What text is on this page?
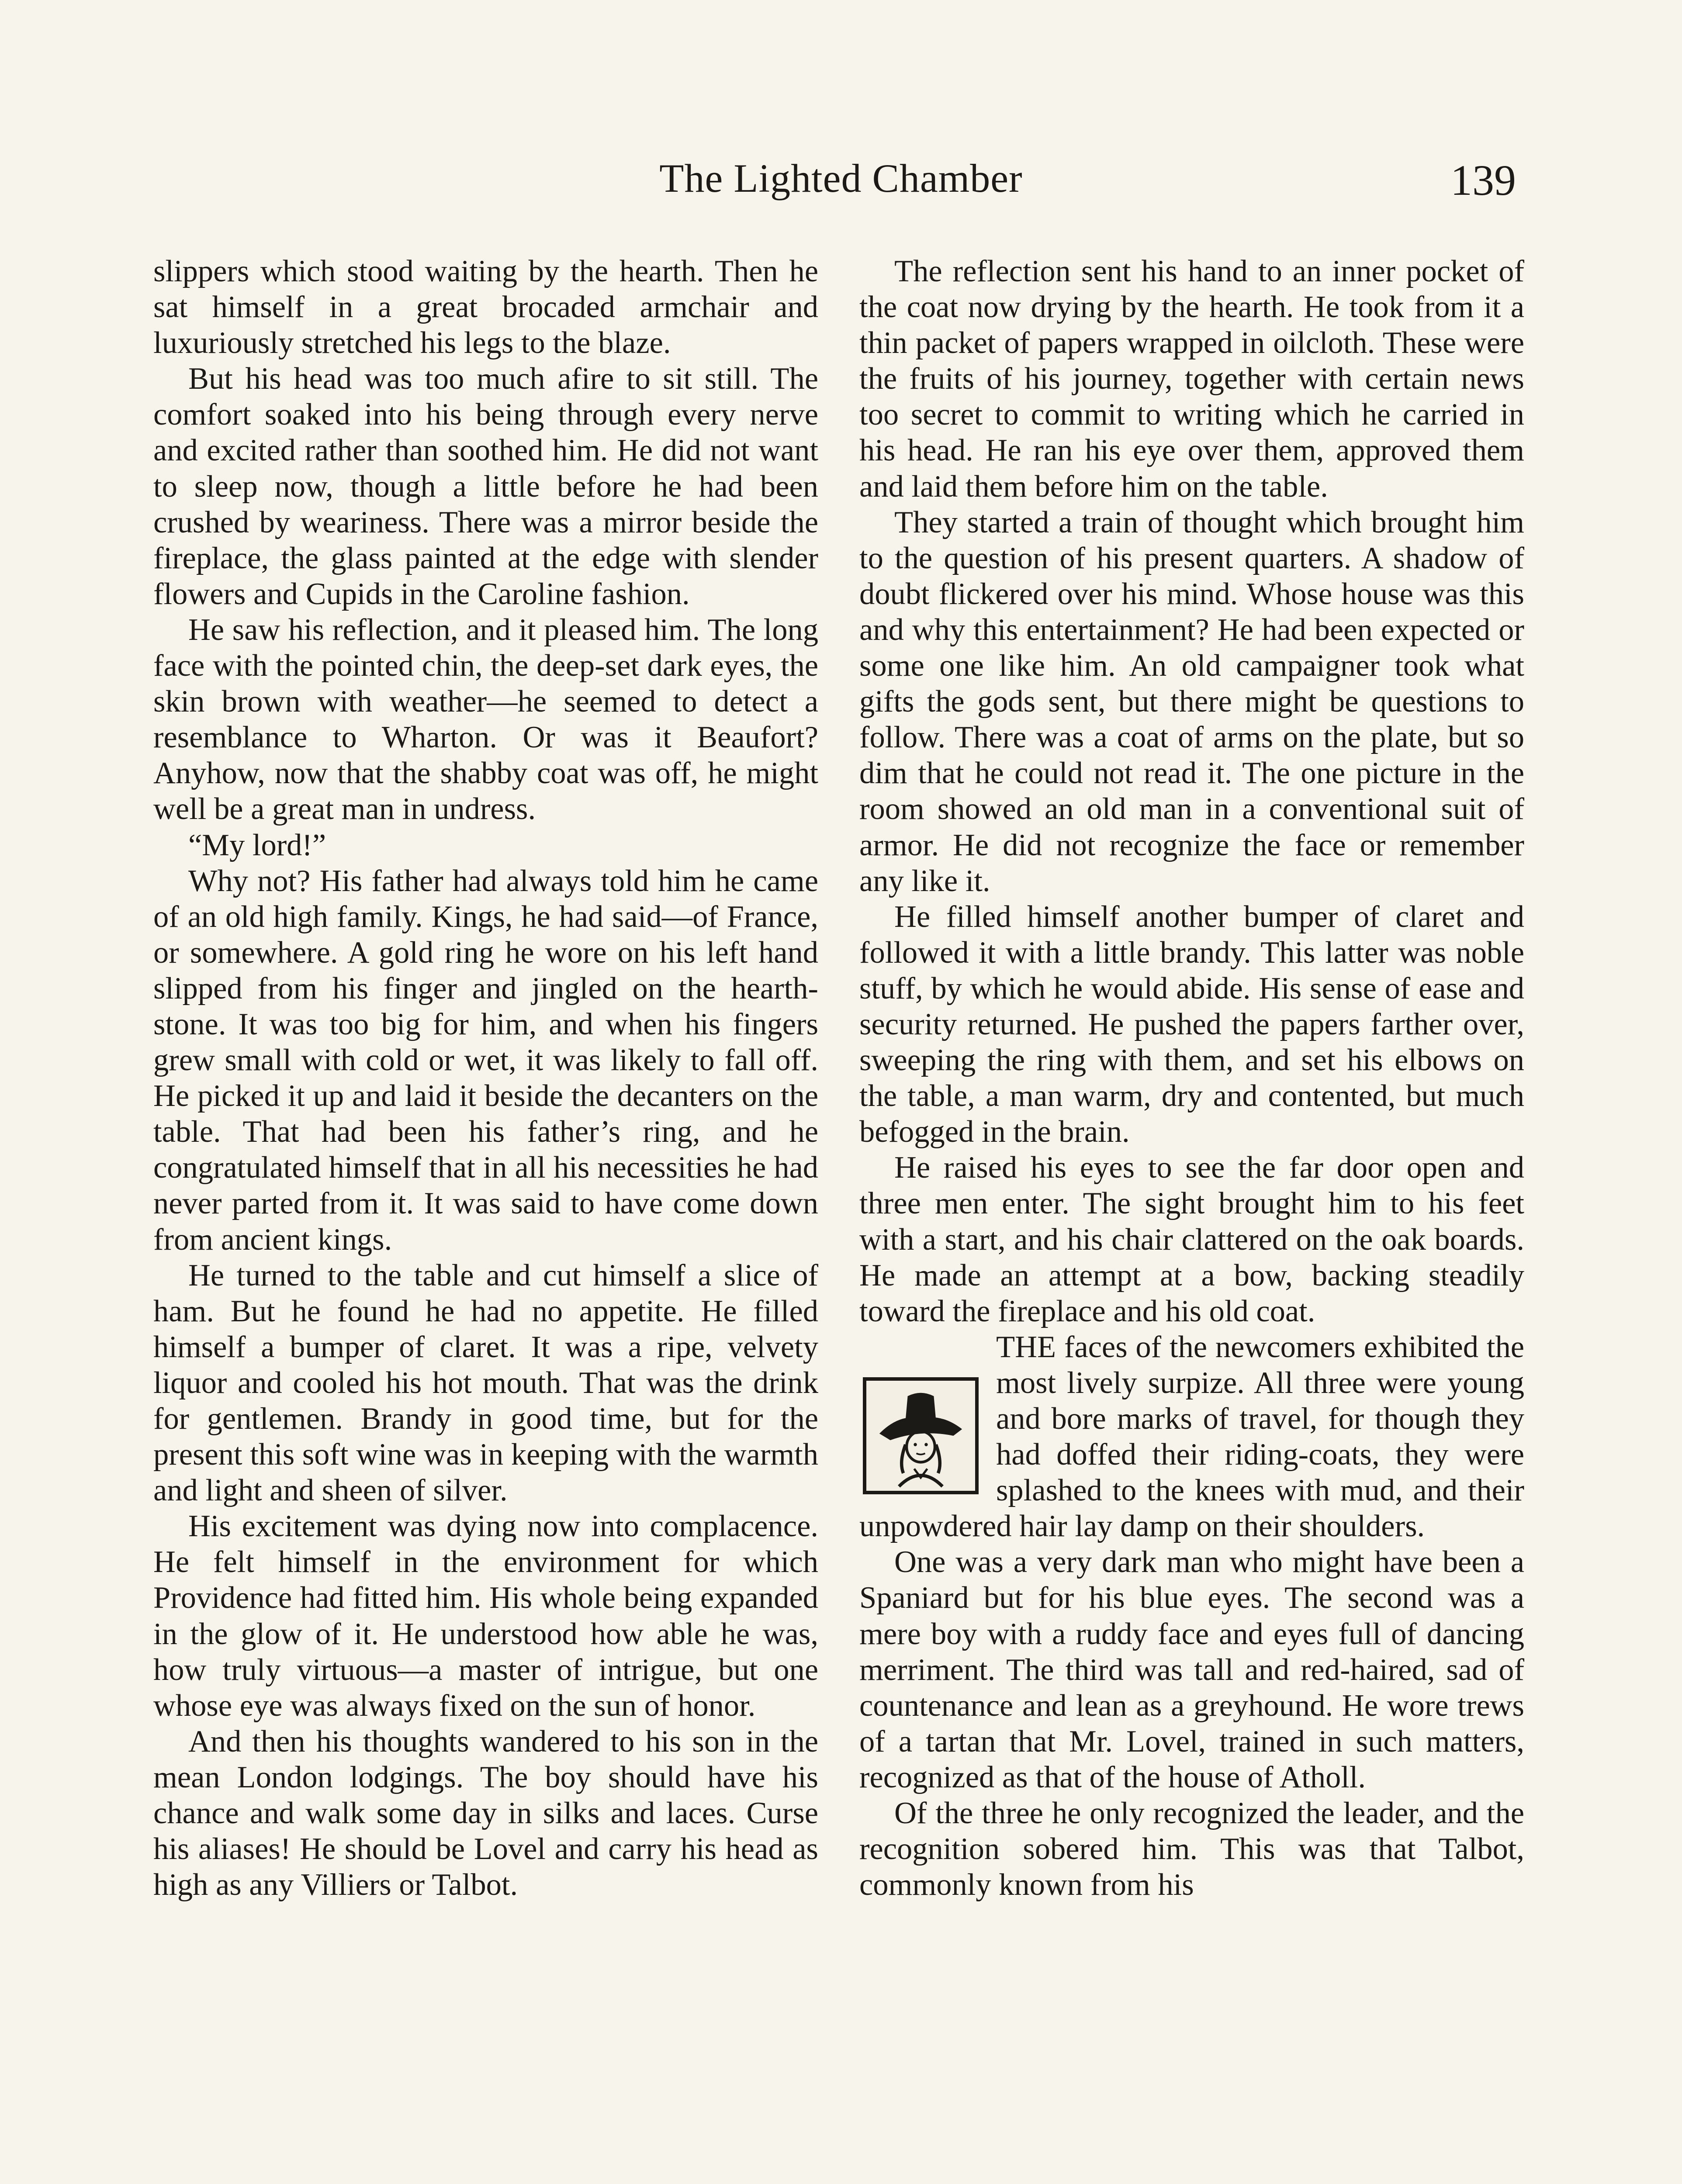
The Lighted Chamber	139

slippers which stood waiting by the hearth. Then he sat himself in a great brocaded armchair and luxuriously stretched his legs to the blaze.

But his head was too much afire to sit still. The comfort soaked into his being through every nerve and excited rather than soothed him. He did not want to sleep now, though a little before he had been crushed by weariness. There was a mirror beside the fireplace, the glass painted at the edge with slender flowers and Cupids in the Caroline fashion.

He saw his reflection, and it pleased him. The long face with the pointed chin, the deep-set dark eyes, the skin brown with weather—he seemed to detect a resemblance to Wharton. Or was it Beaufort? Anyhow, now that the shabby coat was off, he might well be a great man in undress.

“My lord!”

Why not? His father had always told him he came of an old high family. Kings, he had said—of France, or somewhere. A gold ring he wore on his left hand slipped from his finger and jingled on the hearthstone. It was too big for him, and when his fingers grew small with cold or wet, it was likely to fall off. He picked it up and laid it beside the decanters on the table. That had been his father’s ring, and he congratulated himself that in all his necessities he had never parted from it. It was said to have come down from ancient kings.

He turned to the table and cut himself a slice of ham. But he found he had no appetite. He filled himself a bumper of claret. It was a ripe, velvety liquor and cooled his hot mouth. That was the drink for gentlemen. Brandy in good time, but for the present this soft wine was in keeping with the warmth and light and sheen of silver.

His excitement was dying now into complacence. He felt himself in the environment for which Providence had fitted him. His whole being expanded in the glow of it. He understood how able he was, how truly virtuous—a master of intrigue, but one whose eye was always fixed on the sun of honor.

And then his thoughts wandered to his son in the mean London lodgings. The boy should have his chance and walk some day in silks and laces. Curse his aliases! He should be Lovel and carry his head as high as any Villiers or Talbot.

The reflection sent his hand to an inner pocket of the coat now drying by the hearth. He took from it a thin packet of papers wrapped in oilcloth. These were the fruits of his journey, together with certain news too secret to commit to writing which he carried in his head. He ran his eye over them, approved them and laid them before him on the table.

They started a train of thought which brought him to the question of his present quarters. A shadow of doubt flickered over his mind. Whose house was this and why this entertainment? He had been expected or some one like him. An old campaigner took what gifts the gods sent, but there might be questions to follow. There was a coat of arms on the plate, but so dim that he could not read it. The one picture in the room showed an old man in a conventional suit of armor. He did not recognize the face or remember any like it.

He filled himself another bumper of claret and followed it with a little brandy. This latter was noble stuff, by which he would abide. His sense of ease and security returned. He pushed the papers farther over, sweeping the ring with them, and set his elbows on the table, a man warm, dry and contented, but much befogged in the brain.

He raised his eyes to see the far door open and three men enter. The sight brought him to his feet with a start, and his chair clattered on the oak boards. He made an attempt at a bow, backing steadily toward the fireplace and his old coat.

THE faces of the newcomers exhibited the most lively surpize. All three were young and bore marks of travel, for though they had doffed their riding-coats, they were splashed to the knees with mud, and their unpowdered hair lay damp on their shoulders.

One was a very dark man who might have been a Spaniard but for his blue eyes. The second was a mere boy with a ruddy face and eyes full of dancing merriment. The third was tall and red-haired, sad of countenance and lean as a greyhound. He wore trews of a tartan that Mr. Lovel, trained in such matters, recognized as that of the house of Atholl.

Of the three he only recognized the leader, and the recognition sobered him. This was that Talbot, commonly known from his
